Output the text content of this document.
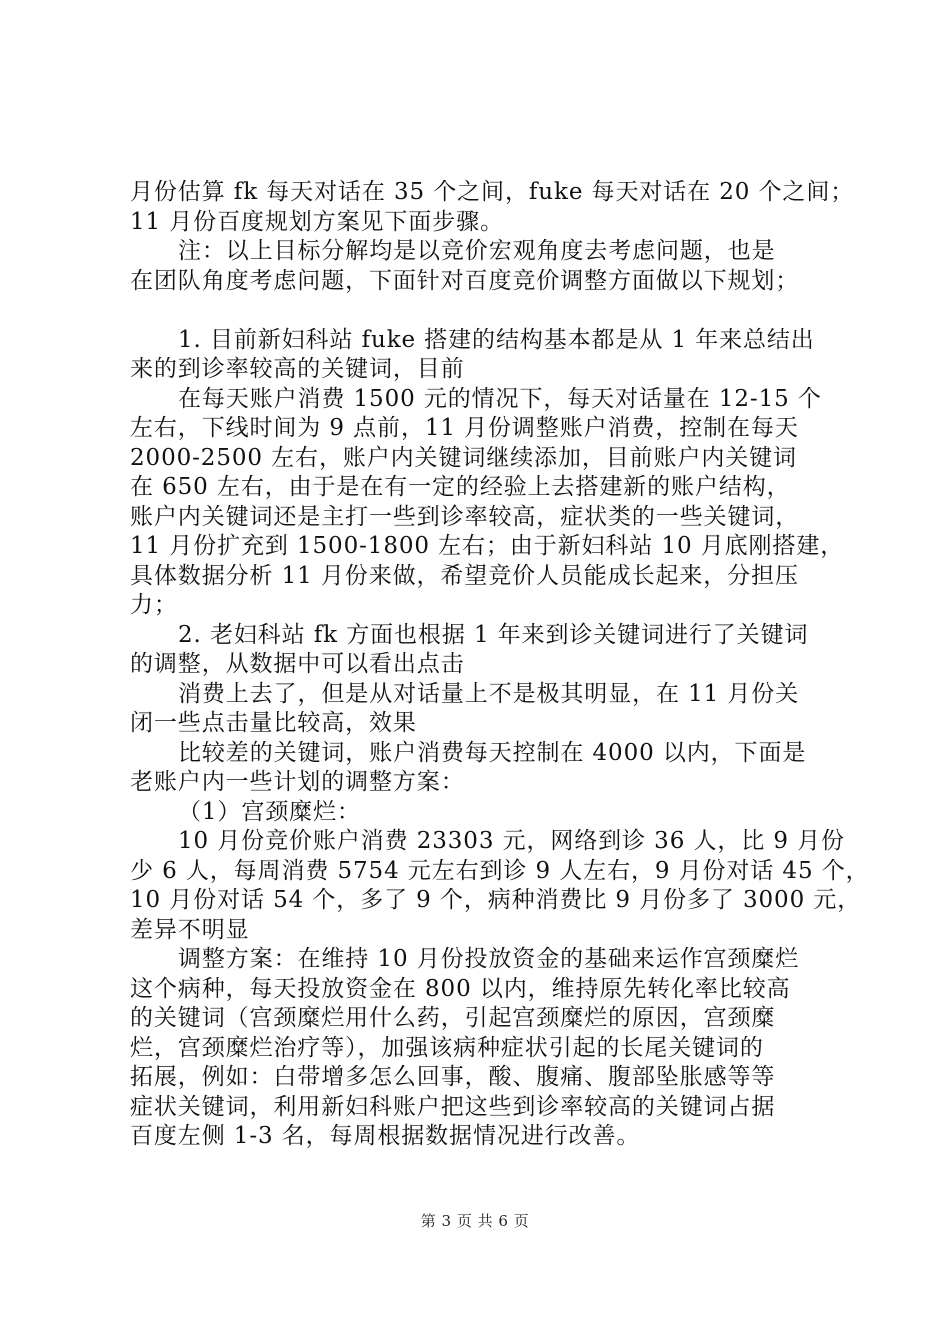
月份估算 fk 每天对话在 35 个之间，fuke 每天对话在 20 个之间；
11 月份百度规划方案见下面步骤。
注：以上目标分解均是以竞价宏观角度去考虑问题，也是
在团队角度考虑问题，下面针对百度竞价调整方面做以下规划；
1. 目前新妇科站 fuke 搭建的结构基本都是从 1 年来总结出
来的到诊率较高的关键词，目前
在每天账户消费 1500 元的情况下，每天对话量在 12-15 个
左右，下线时间为 9 点前，11 月份调整账户消费，控制在每天
2000-2500 左右，账户内关键词继续添加，目前账户内关键词
在 650 左右，由于是在有一定的经验上去搭建新的账户结构，
账户内关键词还是主打一些到诊率较高，症状类的一些关键词，
11 月份扩充到 1500-1800 左右；由于新妇科站 10 月底刚搭建，
具体数据分析 11 月份来做，希望竞价人员能成长起来，分担压
力；
2. 老妇科站 fk 方面也根据 1 年来到诊关键词进行了关键词
的调整，从数据中可以看出点击
消费上去了，但是从对话量上不是极其明显，在 11 月份关
闭一些点击量比较高，效果
比较差的关键词，账户消费每天控制在 4000 以内，下面是
老账户内一些计划的调整方案：
（1）宫颈糜烂：
10 月份竞价账户消费 23303 元，网络到诊 36 人，比 9 月份
少 6 人，每周消费 5754 元左右到诊 9 人左右，9 月份对话 45 个，
10 月份对话 54 个，多了 9 个，病种消费比 9 月份多了 3000 元，
差异不明显
调整方案：在维持 10 月份投放资金的基础来运作宫颈糜烂
这个病种，每天投放资金在 800 以内，维持原先转化率比较高
的关键词（宫颈糜烂用什么药，引起宫颈糜烂的原因，宫颈糜
烂，宫颈糜烂治疗等），加强该病种症状引起的长尾关键词的
拓展，例如：白带增多怎么回事，酸、腹痛、腹部坠胀感等等
症状关键词，利用新妇科账户把这些到诊率较高的关键词占据
百度左侧 1-3 名，每周根据数据情况进行改善。
第 3 页 共 6 页
